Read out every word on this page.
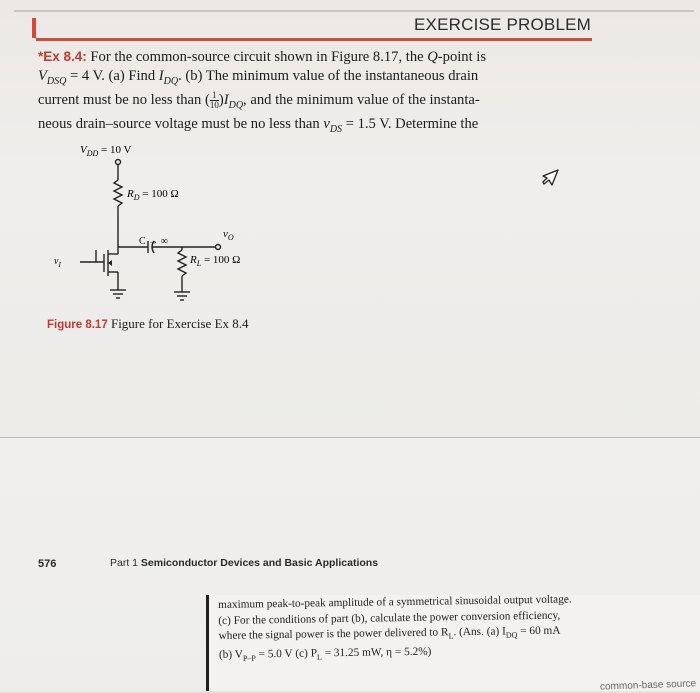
EXERCISE PROBLEM
*Ex 8.4: For the common-source circuit shown in Figure 8.17, the Q-point is
$V_{DSQ} = 4$ V. (a) Find $I_{DQ}$. (b) The minimum value of the instantaneous drain
current must be no less than ( $\frac{1}{10} )I_{DQ}$, and the minimum value of the instanta-
neous drain–source voltage must be no less than $v_{DS} = 1.5$ V. Determine the
$V_{DD} = 10$ V
$R_D = 100$ Ω
C → ∞
$v_O$
$R_L = 100$ Ω
$v_I$
Figure 8.17 Figure for Exercise Ex 8.4
576	Part 1 Semiconductor Devices and Basic Applications
maximum peak-to-peak amplitude of a symmetrical sinusoidal output voltage.
(c) For the conditions of part (b), calculate the power conversion efficiency,
where the signal power is the power delivered to $R_L$. (Ans. (a) $I_{DQ} = 60$ mA
(b) $V_{P-P} = 5.0$ V (c) $P_L = 31.25$ mW, η = 5.2%)
common-base source
